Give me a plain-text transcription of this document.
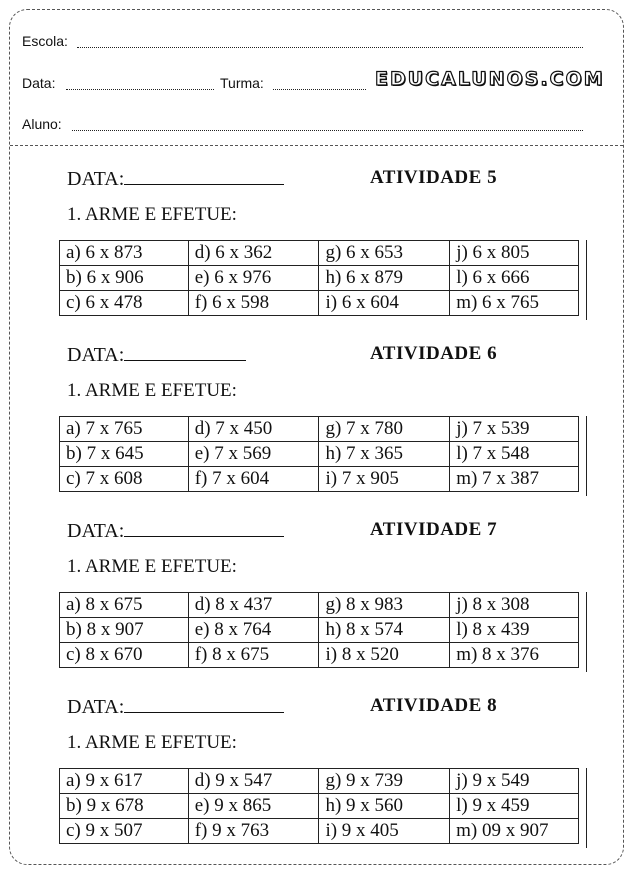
Escola:
Data:	Turma:	EDUCALUNOS.COM
Aluno:
DATA:	ATIVIDADE 5
1. ARME E EFETUE:
a) 6 x 873	d) 6 x 362	g) 6 x 653	j) 6 x 805
b) 6 x 906	e) 6 x 976	h) 6 x 879	l) 6 x 666
c) 6 x 478	f) 6 x 598	i) 6 x 604	m) 6 x 765
DATA:	ATIVIDADE 6
1. ARME E EFETUE:
a) 7 x 765	d) 7 x 450	g) 7 x 780	j) 7 x 539
b) 7 x 645	e) 7 x 569	h) 7 x 365	l) 7 x 548
c) 7 x 608	f) 7 x 604	i) 7 x 905	m) 7 x 387
DATA:	ATIVIDADE 7
1. ARME E EFETUE:
a) 8 x 675	d) 8 x 437	g) 8 x 983	j) 8 x 308
b) 8 x 907	e) 8 x 764	h) 8 x 574	l) 8 x 439
c) 8 x 670	f) 8 x 675	i) 8 x 520	m) 8 x 376
DATA:	ATIVIDADE 8
1. ARME E EFETUE:
a) 9 x 617	d) 9 x 547	g) 9 x 739	j) 9 x 549
b) 9 x 678	e) 9 x 865	h) 9 x 560	l) 9 x 459
c) 9 x 507	f) 9 x 763	i) 9 x 405	m) 09 x 907
